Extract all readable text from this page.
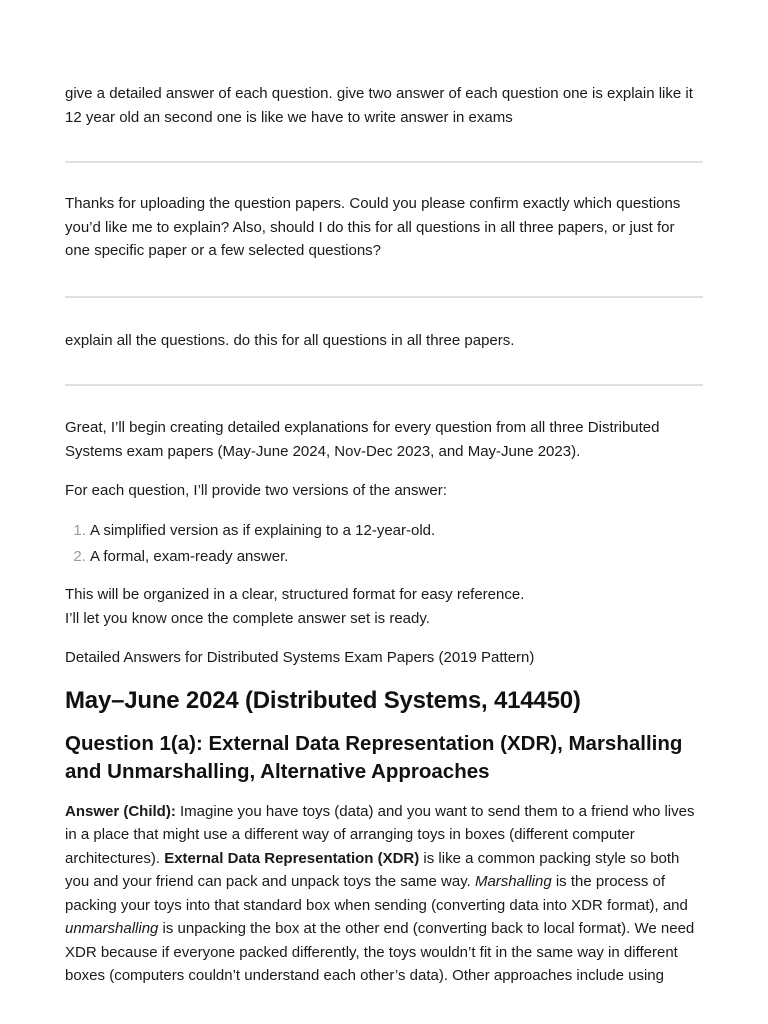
give a detailed answer of each question. give two answer of each question one is explain like it 12 year old an second one is like we have to write answer in exams

Thanks for uploading the question papers. Could you please confirm exactly which questions you’d like me to explain? Also, should I do this for all questions in all three papers, or just for one specific paper or a few selected questions?

explain all the questions. do this for all questions in all three papers.

Great, I’ll begin creating detailed explanations for every question from all three Distributed Systems exam papers (May-June 2024, Nov-Dec 2023, and May-June 2023).

For each question, I’ll provide two versions of the answer:

1. A simplified version as if explaining to a 12-year-old.
2. A formal, exam-ready answer.

This will be organized in a clear, structured format for easy reference.
I’ll let you know once the complete answer set is ready.

Detailed Answers for Distributed Systems Exam Papers (2019 Pattern)

May–June 2024 (Distributed Systems, 414450)
Question 1(a): External Data Representation (XDR), Marshalling and Unmarshalling, Alternative Approaches

Answer (Child): Imagine you have toys (data) and you want to send them to a friend who lives in a place that might use a different way of arranging toys in boxes (different computer architectures). External Data Representation (XDR) is like a common packing style so both you and your friend can pack and unpack toys the same way. Marshalling is the process of packing your toys into that standard box when sending (converting data into XDR format), and unmarshalling is unpacking the box at the other end (converting back to local format). We need XDR because if everyone packed differently, the toys wouldn’t fit in the same way in different boxes (computers couldn’t understand each other’s data). Other approaches include using
